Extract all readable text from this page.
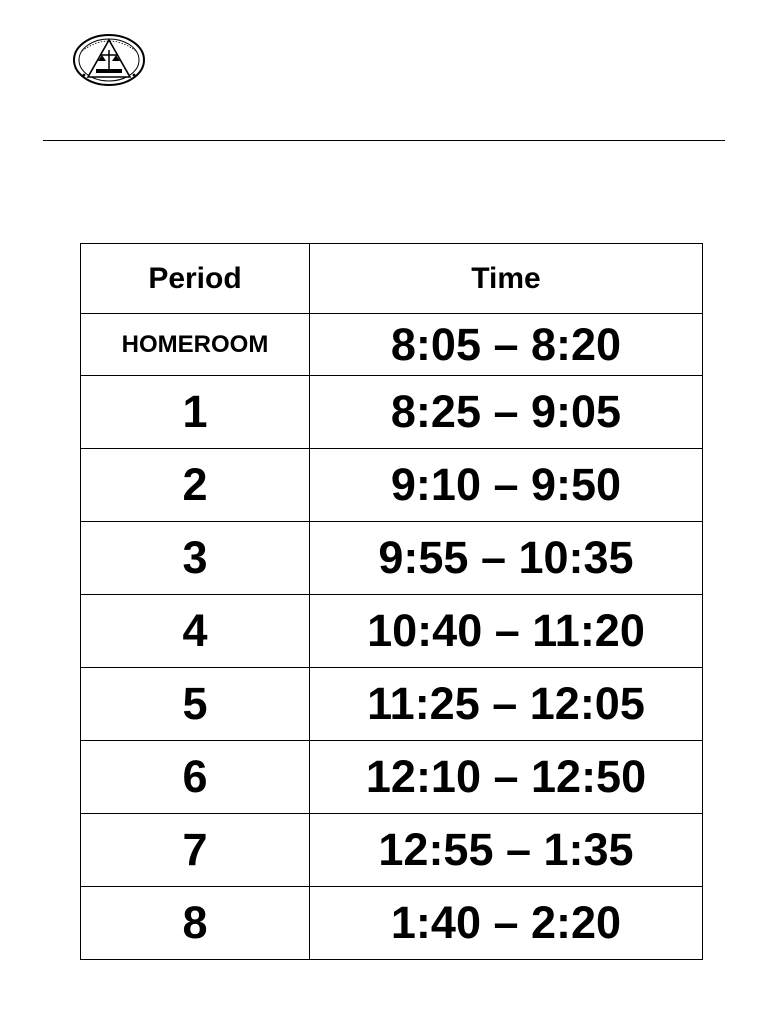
Period	Time
HOMEROOM	8:05 – 8:20
1	8:25 – 9:05
2	9:10 – 9:50
3	9:55 – 10:35
4	10:40 – 11:20
5	11:25 – 12:05
6	12:10 – 12:50
7	12:55 – 1:35
8	1:40 – 2:20
